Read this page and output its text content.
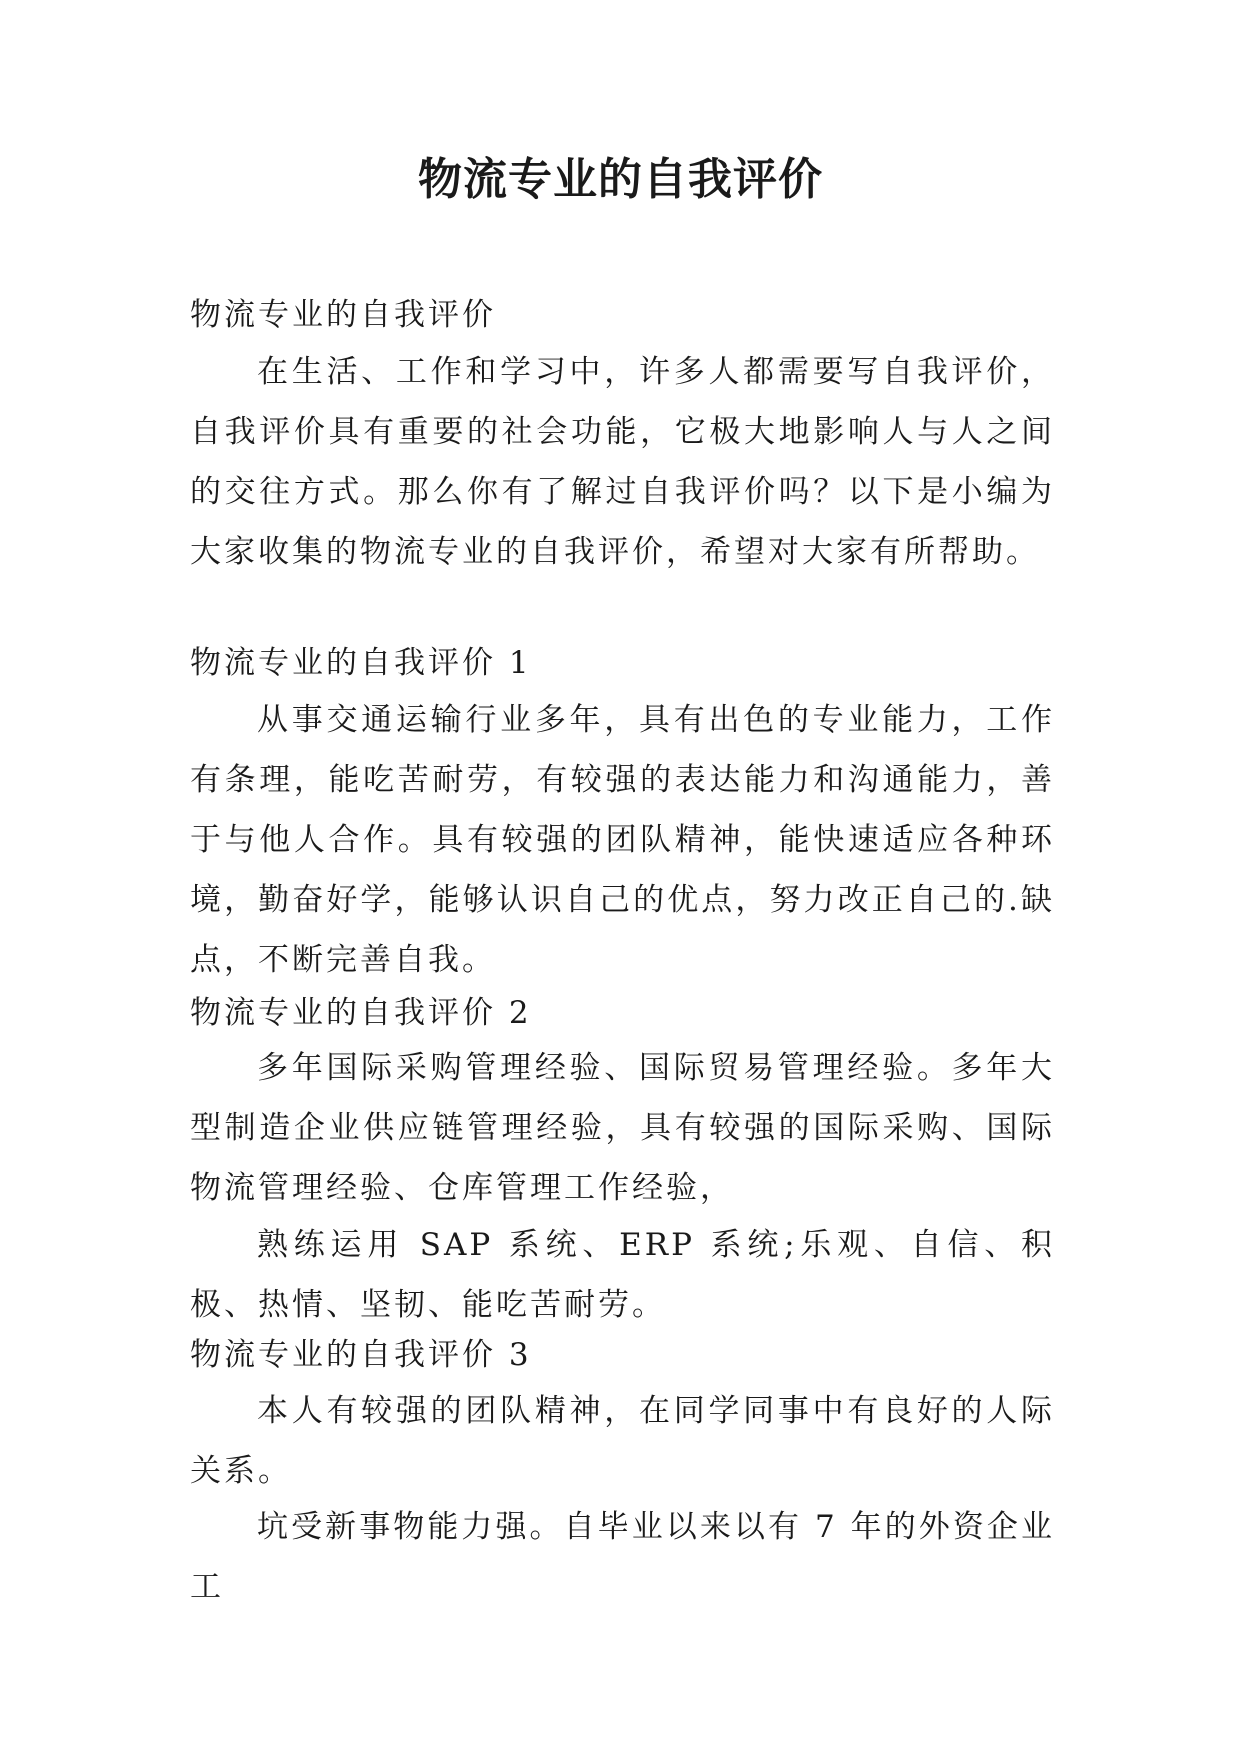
物流专业的自我评价
物流专业的自我评价
在生活、工作和学习中，许多人都需要写自我评价，自我评价具有重要的社会功能，它极大地影响人与人之间的交往方式。那么你有了解过自我评价吗？以下是小编为大家收集的物流专业的自我评价，希望对大家有所帮助。
物流专业的自我评价 1
从事交通运输行业多年，具有出色的专业能力，工作有条理，能吃苦耐劳，有较强的表达能力和沟通能力，善于与他人合作。具有较强的团队精神，能快速适应各种环境，勤奋好学，能够认识自己的优点，努力改正自己的.缺点，不断完善自我。
物流专业的自我评价 2
多年国际采购管理经验、国际贸易管理经验。多年大型制造企业供应链管理经验，具有较强的国际采购、国际物流管理经验、仓库管理工作经验，
熟练运用 SAP 系统、ERP 系统;乐观、自信、积极、热情、坚韧、能吃苦耐劳。
物流专业的自我评价 3
本人有较强的团队精神，在同学同事中有良好的人际关系。
坑受新事物能力强。自毕业以来以有 7 年的外资企业工
